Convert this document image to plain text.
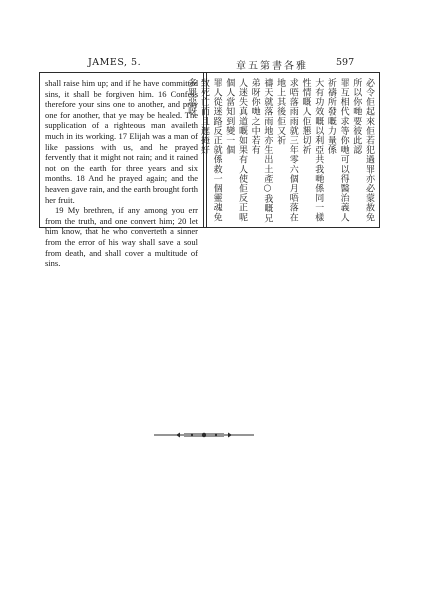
JAMES, 5.	章五第書各雅	597

shall raise him up; and if he have committed sins, it shall be forgiven him. 16 Confess therefore your sins one to another, and pray one for another, that ye may be healed. The supplication of a righteous man availeth much in its working. 17 Elijah was a man of like passions with us, and he prayed fervently that it might not rain; and it rained not on the earth for three years and six months. 18 And he prayed again; and the heaven gave rain, and the earth brought forth her fruit.

19 My brethren, if any among you err from the truth, and one convert him; 20 let him know, that he who converteth a sinner from the error of his way shall save a soul from death, and shall cover a multitude of sins.

必令佢起來佢若犯過罪亦必蒙赦免所以你哋要彼此認
罪互相代求等你哋可以得醫治義人祈禱所發嘅力量係
大有功效嘅以利亞共我哋係同一樣性情嘅人佢懇切祈
求唔落雨雨就三年零六個月唔落在地上其後佢又祈
禱天就落雨地亦生出土產○我嘅兄弟呀你哋之中若有
人迷失真道嘅如果有人使佢反正呢個人當知到變一個
罪人從迷路反正就係救一個靈魂免致死亡而且遮掩好
多罪惡呀
